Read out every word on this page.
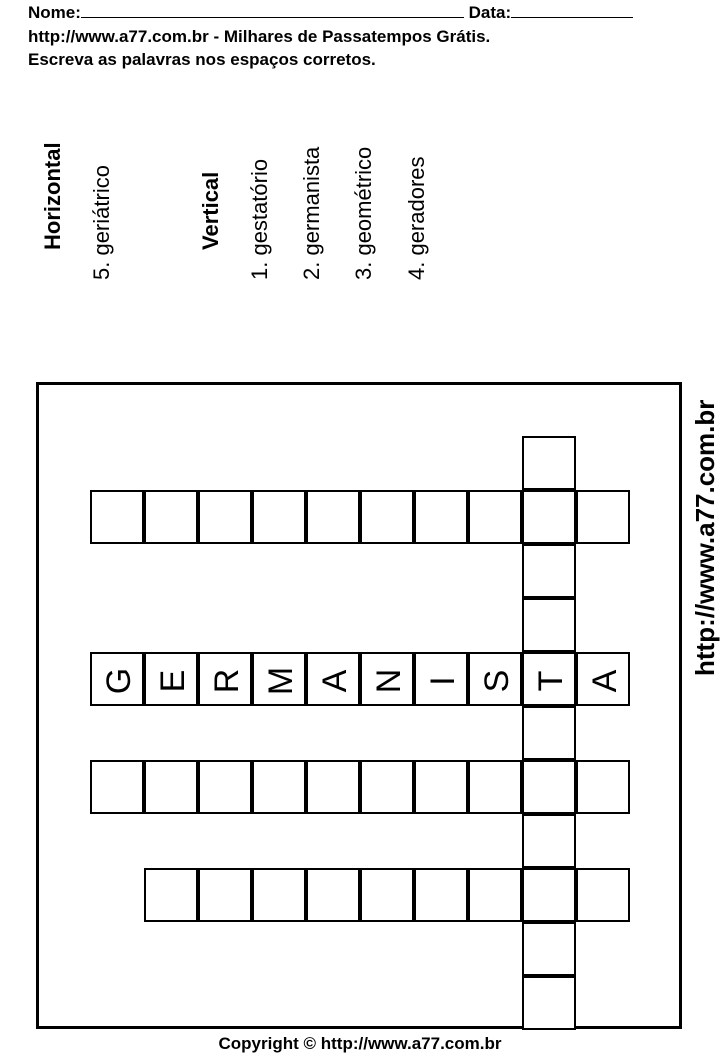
Nome:	Data:
http://www.a77.com.br - Milhares de Passatempos Grátis.
Escreva as palavras nos espaços corretos.
Horizontal 5. geriátrico	Vertical 1. gestatório 2. germanista 3. geométrico 4. geradores
G E R M A N I S T A
http://www.a77.com.br
Copyright © http://www.a77.com.br
